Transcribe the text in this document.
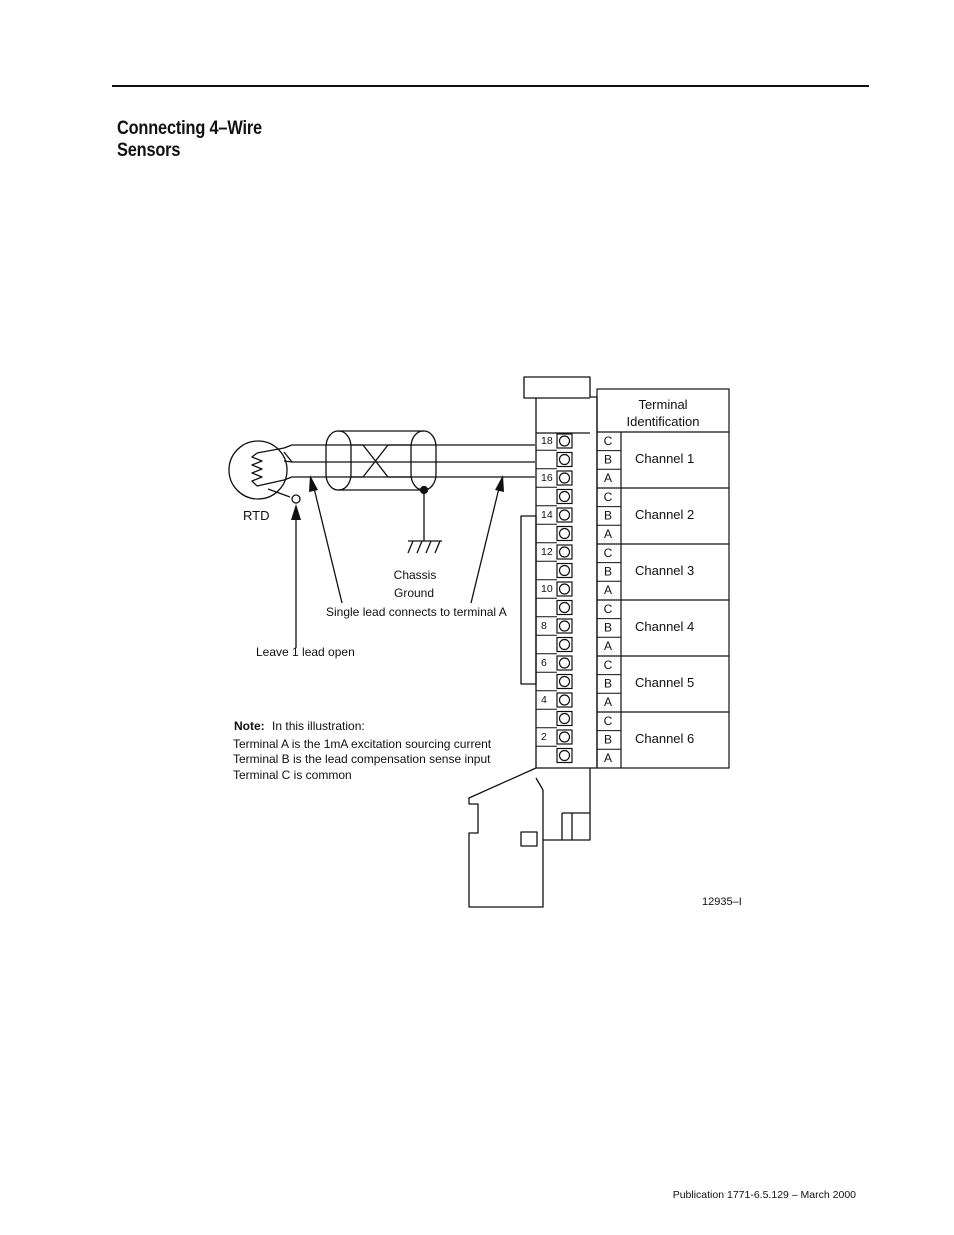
Connecting 4–Wire
Sensors
18
16
14
12
10
8
6
4
2
Terminal
Identification
C
B
A
Channel 1
C
B
A
Channel 2
C
B
A
Channel 3
C
B
A
Channel 4
C
B
A
Channel 5
C
B
A
Channel 6
RTD
Chassis
Ground
Single lead connects to terminal A
Leave 1 lead open
Note: In this illustration:
Terminal A is the 1mA excitation sourcing current
Terminal B is the lead compensation sense input
Terminal C is common
12935–I
Publication 1771-6.5.129 – March 2000
